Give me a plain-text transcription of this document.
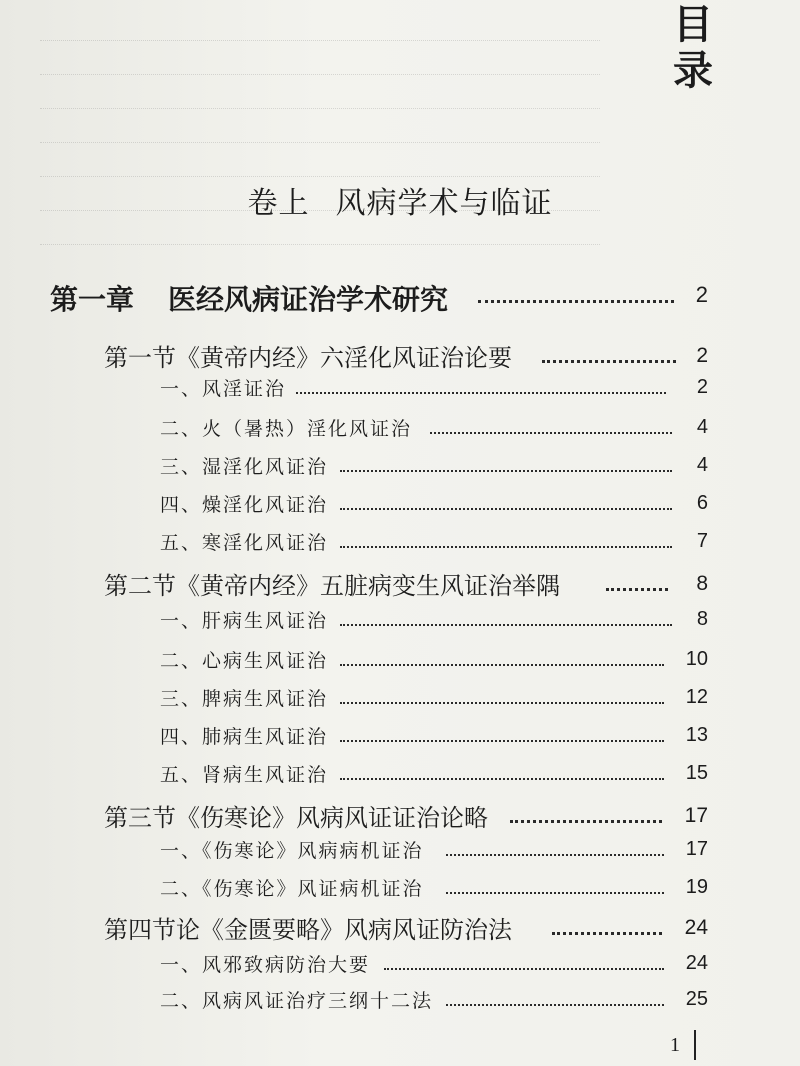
目录
卷上 风病学术与临证
第一章 医经风病证治学术研究	2
第一节《黄帝内经》六淫化风证治论要	2
一、风淫证治	2
二、火（暑热）淫化风证治	4
三、湿淫化风证治	4
四、燥淫化风证治	6
五、寒淫化风证治	7
第二节《黄帝内经》五脏病变生风证治举隅	8
一、肝病生风证治	8
二、心病生风证治	10
三、脾病生风证治	12
四、肺病生风证治	13
五、肾病生风证治	15
第三节《伤寒论》风病风证证治论略	17
一、《伤寒论》风病病机证治	17
二、《伤寒论》风证病机证治	19
第四节论《金匮要略》风病风证防治法	24
一、风邪致病防治大要	24
二、风病风证治疗三纲十二法	25
1
